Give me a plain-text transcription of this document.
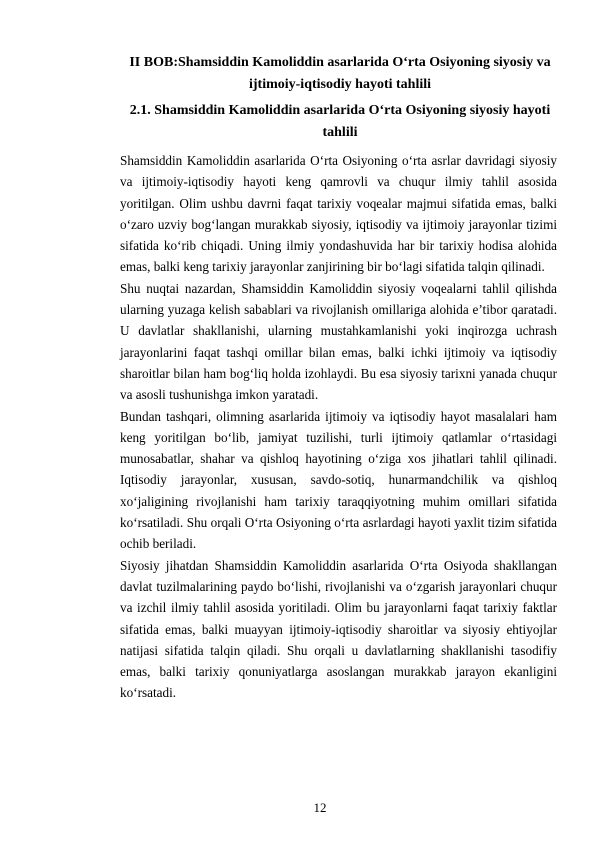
II BOB:Shamsiddin Kamoliddin asarlarida O‘rta Osiyoning siyosiy va ijtimoiy-iqtisodiy hayoti tahlili
2.1. Shamsiddin Kamoliddin asarlarida O‘rta Osiyoning siyosiy hayoti tahlili

Shamsiddin Kamoliddin asarlarida O‘rta Osiyoning o‘rta asrlar davridagi siyosiy va ijtimoiy-iqtisodiy hayoti keng qamrovli va chuqur ilmiy tahlil asosida yoritilgan. Olim ushbu davrni faqat tarixiy voqealar majmui sifatida emas, balki o‘zaro uzviy bog‘langan murakkab siyosiy, iqtisodiy va ijtimoiy jarayonlar tizimi sifatida ko‘rib chiqadi. Uning ilmiy yondashuvida har bir tarixiy hodisa alohida emas, balki keng tarixiy jarayonlar zanjirining bir bo‘lagi sifatida talqin qilinadi.

Shu nuqtai nazardan, Shamsiddin Kamoliddin siyosiy voqealarni tahlil qilishda ularning yuzaga kelish sabablari va rivojlanish omillariga alohida e’tibor qaratadi. U davlatlar shakllanishi, ularning mustahkamlanishi yoki inqirozga uchrash jarayonlarini faqat tashqi omillar bilan emas, balki ichki ijtimoiy va iqtisodiy sharoitlar bilan ham bog‘liq holda izohlaydi. Bu esa siyosiy tarixni yanada chuqur va asosli tushunishga imkon yaratadi.

Bundan tashqari, olimning asarlarida ijtimoiy va iqtisodiy hayot masalalari ham keng yoritilgan bo‘lib, jamiyat tuzilishi, turli ijtimoiy qatlamlar o‘rtasidagi munosabatlar, shahar va qishloq hayotining o‘ziga xos jihatlari tahlil qilinadi. Iqtisodiy jarayonlar, xususan, savdo-sotiq, hunarmandchilik va qishloq xo‘jaligining rivojlanishi ham tarixiy taraqqiyotning muhim omillari sifatida ko‘rsatiladi. Shu orqali O‘rta Osiyoning o‘rta asrlardagi hayoti yaxlit tizim sifatida ochib beriladi.

Siyosiy jihatdan Shamsiddin Kamoliddin asarlarida O‘rta Osiyoda shakllangan davlat tuzilmalarining paydo bo‘lishi, rivojlanishi va o‘zgarish jarayonlari chuqur va izchil ilmiy tahlil asosida yoritiladi. Olim bu jarayonlarni faqat tarixiy faktlar sifatida emas, balki muayyan ijtimoiy-iqtisodiy sharoitlar va siyosiy ehtiyojlar natijasi sifatida talqin qiladi. Shu orqali u davlatlarning shakllanishi tasodifiy emas, balki tarixiy qonuniyatlarga asoslangan murakkab jarayon ekanligini ko‘rsatadi.

12
